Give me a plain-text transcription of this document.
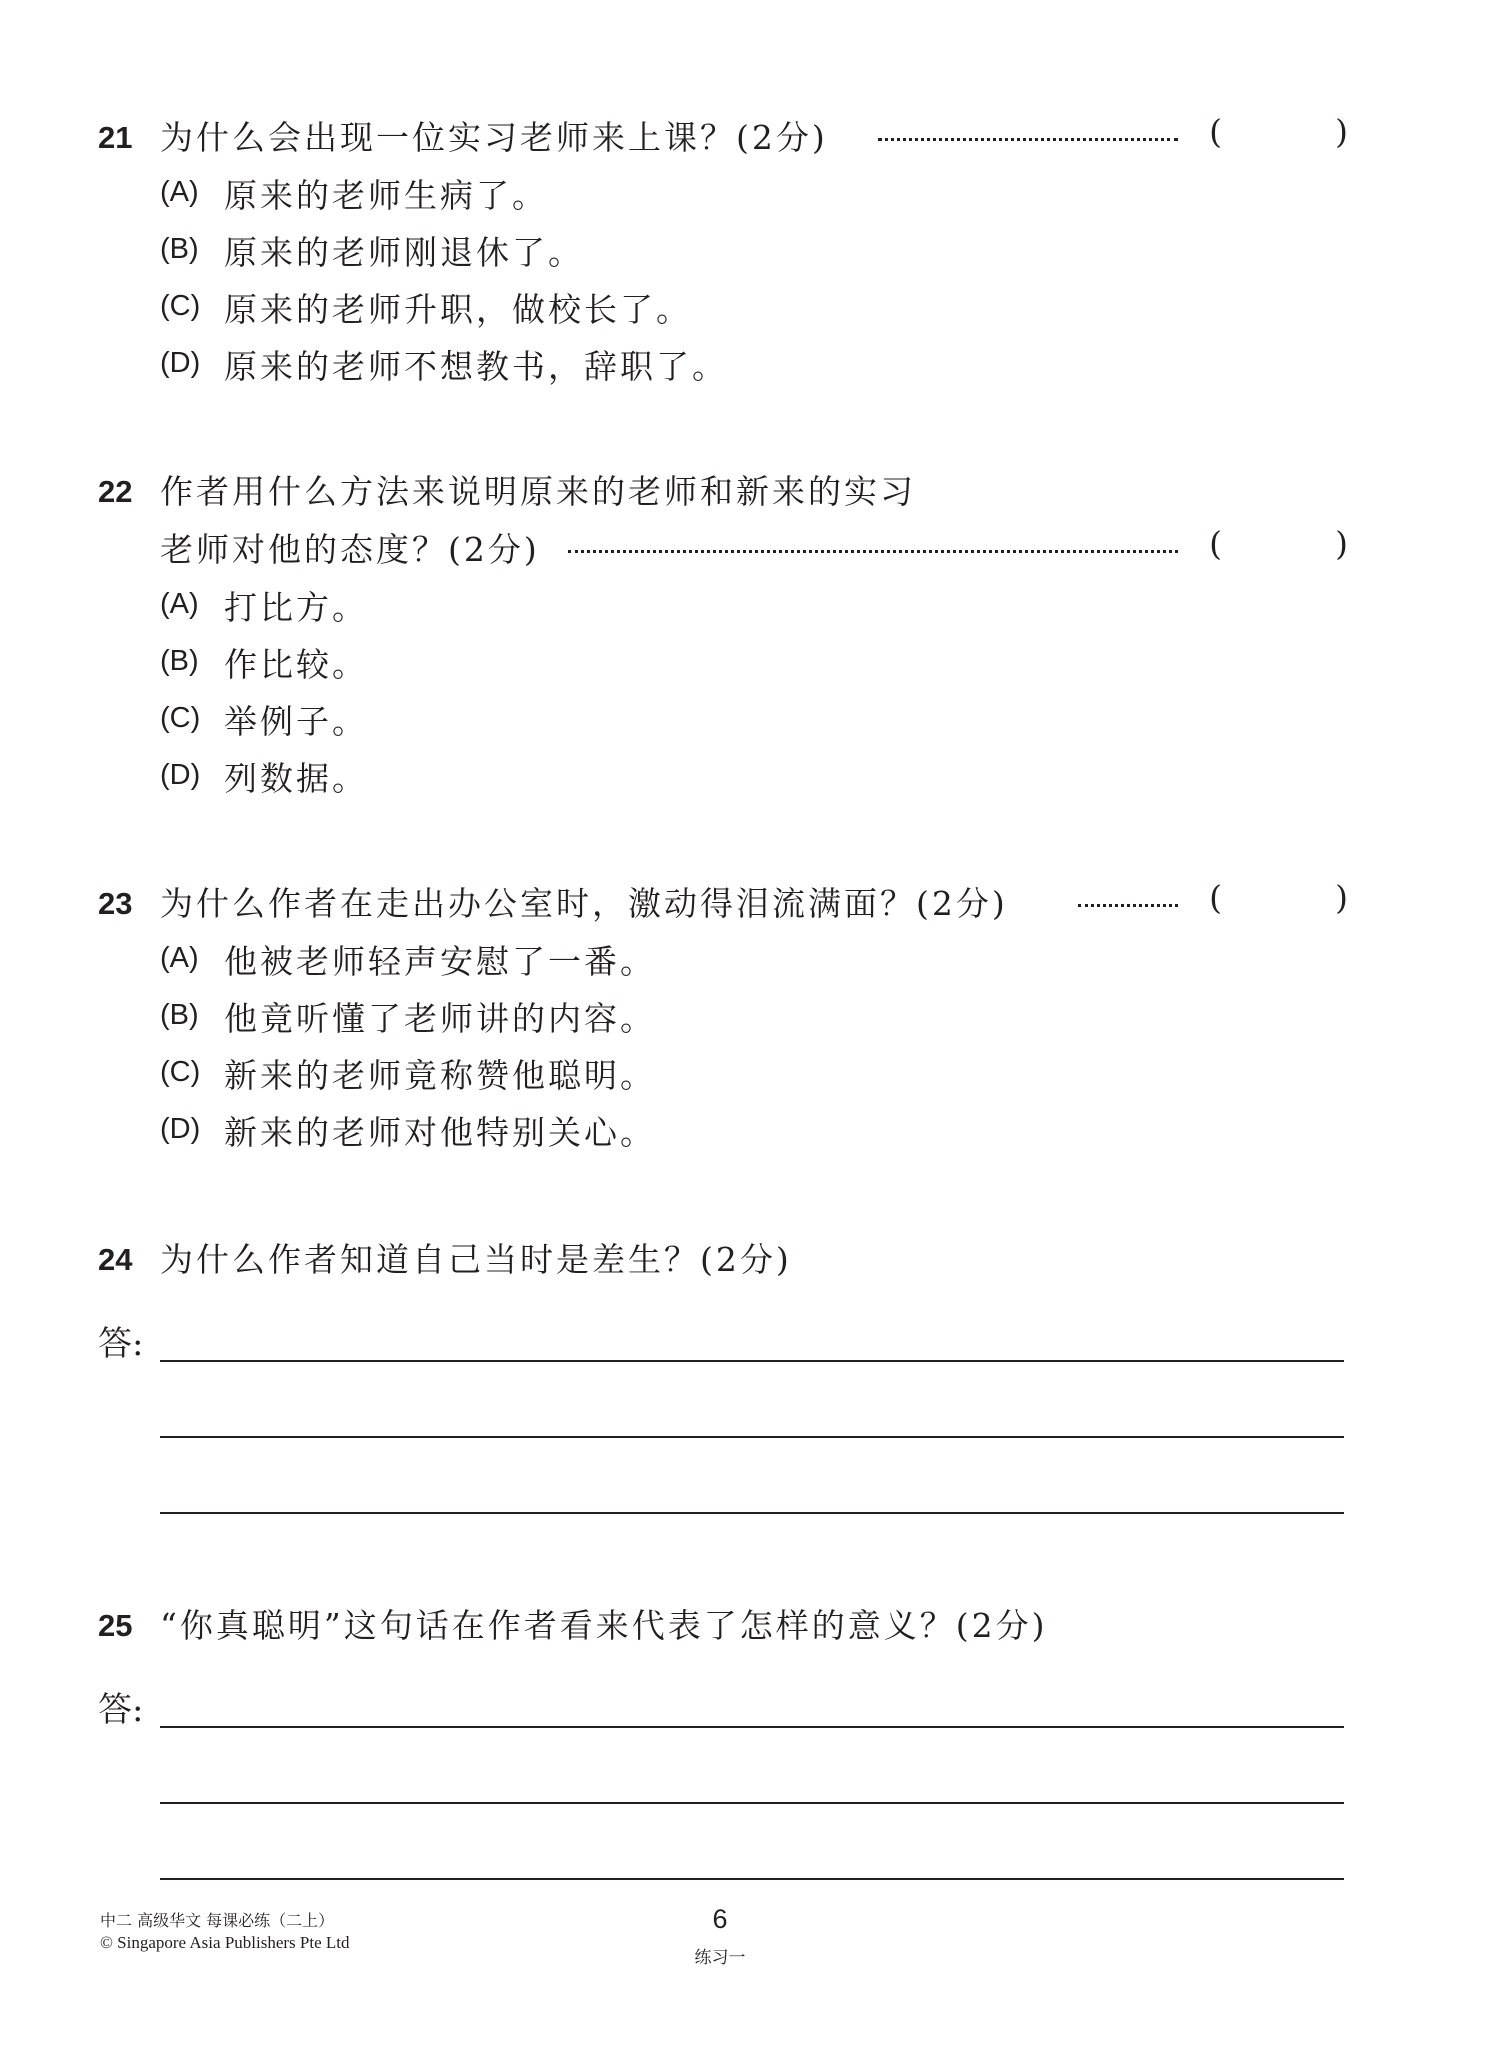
21 为什么会出现一位实习老师来上课？(2分)	(	)
(A) 原来的老师生病了。
(B) 原来的老师刚退休了。
(C) 原来的老师升职，做校长了。
(D) 原来的老师不想教书，辞职了。
22 作者用什么方法来说明原来的老师和新来的实习
老师对他的态度？(2分)	(	)
(A) 打比方。
(B) 作比较。
(C) 举例子。
(D) 列数据。
23 为什么作者在走出办公室时，激动得泪流满面？(2分)	(	)
(A) 他被老师轻声安慰了一番。
(B) 他竟听懂了老师讲的内容。
(C) 新来的老师竟称赞他聪明。
(D) 新来的老师对他特别关心。
24 为什么作者知道自己当时是差生？(2分)
答:
25 “你真聪明”这句话在作者看来代表了怎样的意义？(2分)
答:
中二 高级华文 每课必练（二上）
© Singapore Asia Publishers Pte Ltd
6
练习一
